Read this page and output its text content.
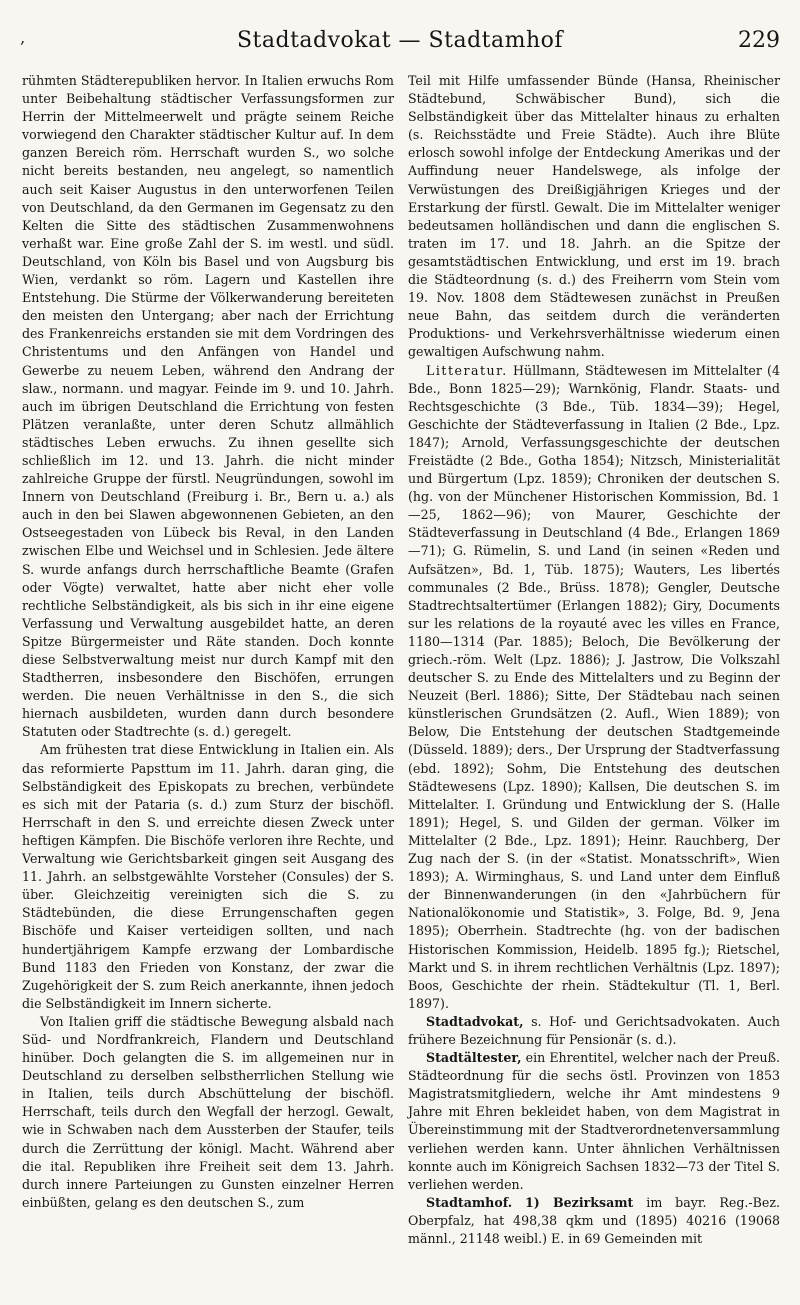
‚	Stadtadvokat — Stadtamhof	229

rühmten Städterepubliken hervor. In Italien erwuchs Rom unter Beibehaltung städtischer Verfassungsformen zur Herrin der Mittelmeerwelt und prägte seinem Reiche vorwiegend den Charakter städtischer Kultur auf. In dem ganzen Bereich röm. Herrschaft wurden S., wo solche nicht bereits bestanden, neu angelegt, so namentlich auch seit Kaiser Augustus in den unterworfenen Teilen von Deutschland, da den Germanen im Gegensatz zu den Kelten die Sitte des städtischen Zusammenwohnens verhaßt war. Eine große Zahl der S. im westl. und südl. Deutschland, von Köln bis Basel und von Augsburg bis Wien, verdankt so röm. Lagern und Kastellen ihre Entstehung. Die Stürme der Völkerwanderung bereiteten den meisten den Untergang; aber nach der Errichtung des Frankenreichs erstanden sie mit dem Vordringen des Christentums und den Anfängen von Handel und Gewerbe zu neuem Leben, während den Andrang der slaw., normann. und magyar. Feinde im 9. und 10. Jahrh. auch im übrigen Deutschland die Errichtung von festen Plätzen veranlaßte, unter deren Schutz allmählich städtisches Leben erwuchs. Zu ihnen gesellte sich schließlich im 12. und 13. Jahrh. die nicht minder zahlreiche Gruppe der fürstl. Neugründungen, sowohl im Innern von Deutschland (Freiburg i. Br., Bern u. a.) als auch in den bei Slawen abgewonnenen Gebieten, an den Ostseegestaden von Lübeck bis Reval, in den Landen zwischen Elbe und Weichsel und in Schlesien. Jede ältere S. wurde anfangs durch herrschaftliche Beamte (Grafen oder Vögte) verwaltet, hatte aber nicht eher volle rechtliche Selbständigkeit, als bis sich in ihr eine eigene Verfassung und Verwaltung ausgebildet hatte, an deren Spitze Bürgermeister und Räte standen. Doch konnte diese Selbstverwaltung meist nur durch Kampf mit den Stadtherren, insbesondere den Bischöfen, errungen werden. Die neuen Verhältnisse in den S., die sich hiernach ausbildeten, wurden dann durch besondere Statuten oder Stadtrechte (s. d.) geregelt.

Am frühesten trat diese Entwicklung in Italien ein. Als das reformierte Papsttum im 11. Jahrh. daran ging, die Selbständigkeit des Episkopats zu brechen, verbündete es sich mit der Pataria (s. d.) zum Sturz der bischöfl. Herrschaft in den S. und erreichte diesen Zweck unter heftigen Kämpfen. Die Bischöfe verloren ihre Rechte, und Verwaltung wie Gerichtsbarkeit gingen seit Ausgang des 11. Jahrh. an selbstgewählte Vorsteher (Consules) der S. über. Gleichzeitig vereinigten sich die S. zu Städtebünden, die diese Errungenschaften gegen Bischöfe und Kaiser verteidigen sollten, und nach hundertjährigem Kampfe erzwang der Lombardische Bund 1183 den Frieden von Konstanz, der zwar die Zugehörigkeit der S. zum Reich anerkannte, ihnen jedoch die Selbständigkeit im Innern sicherte.

Von Italien griff die städtische Bewegung alsbald nach Süd- und Nordfrankreich, Flandern und Deutschland hinüber. Doch gelangten die S. im allgemeinen nur in Deutschland zu derselben selbstherrlichen Stellung wie in Italien, teils durch Abschüttelung der bischöfl. Herrschaft, teils durch den Wegfall der herzogl. Gewalt, wie in Schwaben nach dem Aussterben der Staufer, teils durch die Zerrüttung der königl. Macht. Während aber die ital. Republiken ihre Freiheit seit dem 13. Jahrh. durch innere Parteiungen zu Gunsten einzelner Herren einbüßten, gelang es den deutschen S., zum

Teil mit Hilfe umfassender Bünde (Hansa, Rheinischer Städtebund, Schwäbischer Bund), sich die Selbständigkeit über das Mittelalter hinaus zu erhalten (s. Reichsstädte und Freie Städte). Auch ihre Blüte erlosch sowohl infolge der Entdeckung Amerikas und der Auffindung neuer Handelswege, als infolge der Verwüstungen des Dreißigjährigen Krieges und der Erstarkung der fürstl. Gewalt. Die im Mittelalter weniger bedeutsamen holländischen und dann die englischen S. traten im 17. und 18. Jahrh. an die Spitze der gesamtstädtischen Entwicklung, und erst im 19. brach die Städteordnung (s. d.) des Freiherrn vom Stein vom 19. Nov. 1808 dem Städtewesen zunächst in Preußen neue Bahn, das seitdem durch die veränderten Produktions- und Verkehrsverhältnisse wiederum einen gewaltigen Aufschwung nahm.

Litteratur. Hüllmann, Städtewesen im Mittelalter (4 Bde., Bonn 1825—29); Warnkönig, Flandr. Staats- und Rechtsgeschichte (3 Bde., Tüb. 1834—39); Hegel, Geschichte der Städteverfassung in Italien (2 Bde., Lpz. 1847); Arnold, Verfassungsgeschichte der deutschen Freistädte (2 Bde., Gotha 1854); Nitzsch, Ministerialität und Bürgertum (Lpz. 1859); Chroniken der deutschen S. (hg. von der Münchener Historischen Kommission, Bd. 1—25, 1862—96); von Maurer, Geschichte der Städteverfassung in Deutschland (4 Bde., Erlangen 1869—71); G. Rümelin, S. und Land (in seinen «Reden und Aufsätzen», Bd. 1, Tüb. 1875); Wauters, Les libertés communales (2 Bde., Brüss. 1878); Gengler, Deutsche Stadtrechtsaltertümer (Erlangen 1882); Giry, Documents sur les relations de la royauté avec les villes en France, 1180—1314 (Par. 1885); Beloch, Die Bevölkerung der griech.-röm. Welt (Lpz. 1886); J. Jastrow, Die Volkszahl deutscher S. zu Ende des Mittelalters und zu Beginn der Neuzeit (Berl. 1886); Sitte, Der Städtebau nach seinen künstlerischen Grundsätzen (2. Aufl., Wien 1889); von Below, Die Entstehung der deutschen Stadtgemeinde (Düsseld. 1889); ders., Der Ursprung der Stadtverfassung (ebd. 1892); Sohm, Die Entstehung des deutschen Städtewesens (Lpz. 1890); Kallsen, Die deutschen S. im Mittelalter. I. Gründung und Entwicklung der S. (Halle 1891); Hegel, S. und Gilden der german. Völker im Mittelalter (2 Bde., Lpz. 1891); Heinr. Rauchberg, Der Zug nach der S. (in der «Statist. Monatsschrift», Wien 1893); A. Wirminghaus, S. und Land unter dem Einfluß der Binnenwanderungen (in den «Jahrbüchern für Nationalökonomie und Statistik», 3. Folge, Bd. 9, Jena 1895); Oberrhein. Stadtrechte (hg. von der badischen Historischen Kommission, Heidelb. 1895 fg.); Rietschel, Markt und S. in ihrem rechtlichen Verhältnis (Lpz. 1897); Boos, Geschichte der rhein. Städtekultur (Tl. 1, Berl. 1897).

Stadtadvokat, s. Hof- und Gerichtsadvokaten. Auch frühere Bezeichnung für Pensionär (s. d.).

Stadtältester, ein Ehrentitel, welcher nach der Preuß. Städteordnung für die sechs östl. Provinzen von 1853 Magistratsmitgliedern, welche ihr Amt mindestens 9 Jahre mit Ehren bekleidet haben, von dem Magistrat in Übereinstimmung mit der Stadtverordnetenversammlung verliehen werden kann. Unter ähnlichen Verhältnissen konnte auch im Königreich Sachsen 1832—73 der Titel S. verliehen werden.

Stadtamhof. 1) Bezirksamt im bayr. Reg.-Bez. Oberpfalz, hat 498,38 qkm und (1895) 40216 (19068 männl., 21148 weibl.) E. in 69 Gemeinden mit
